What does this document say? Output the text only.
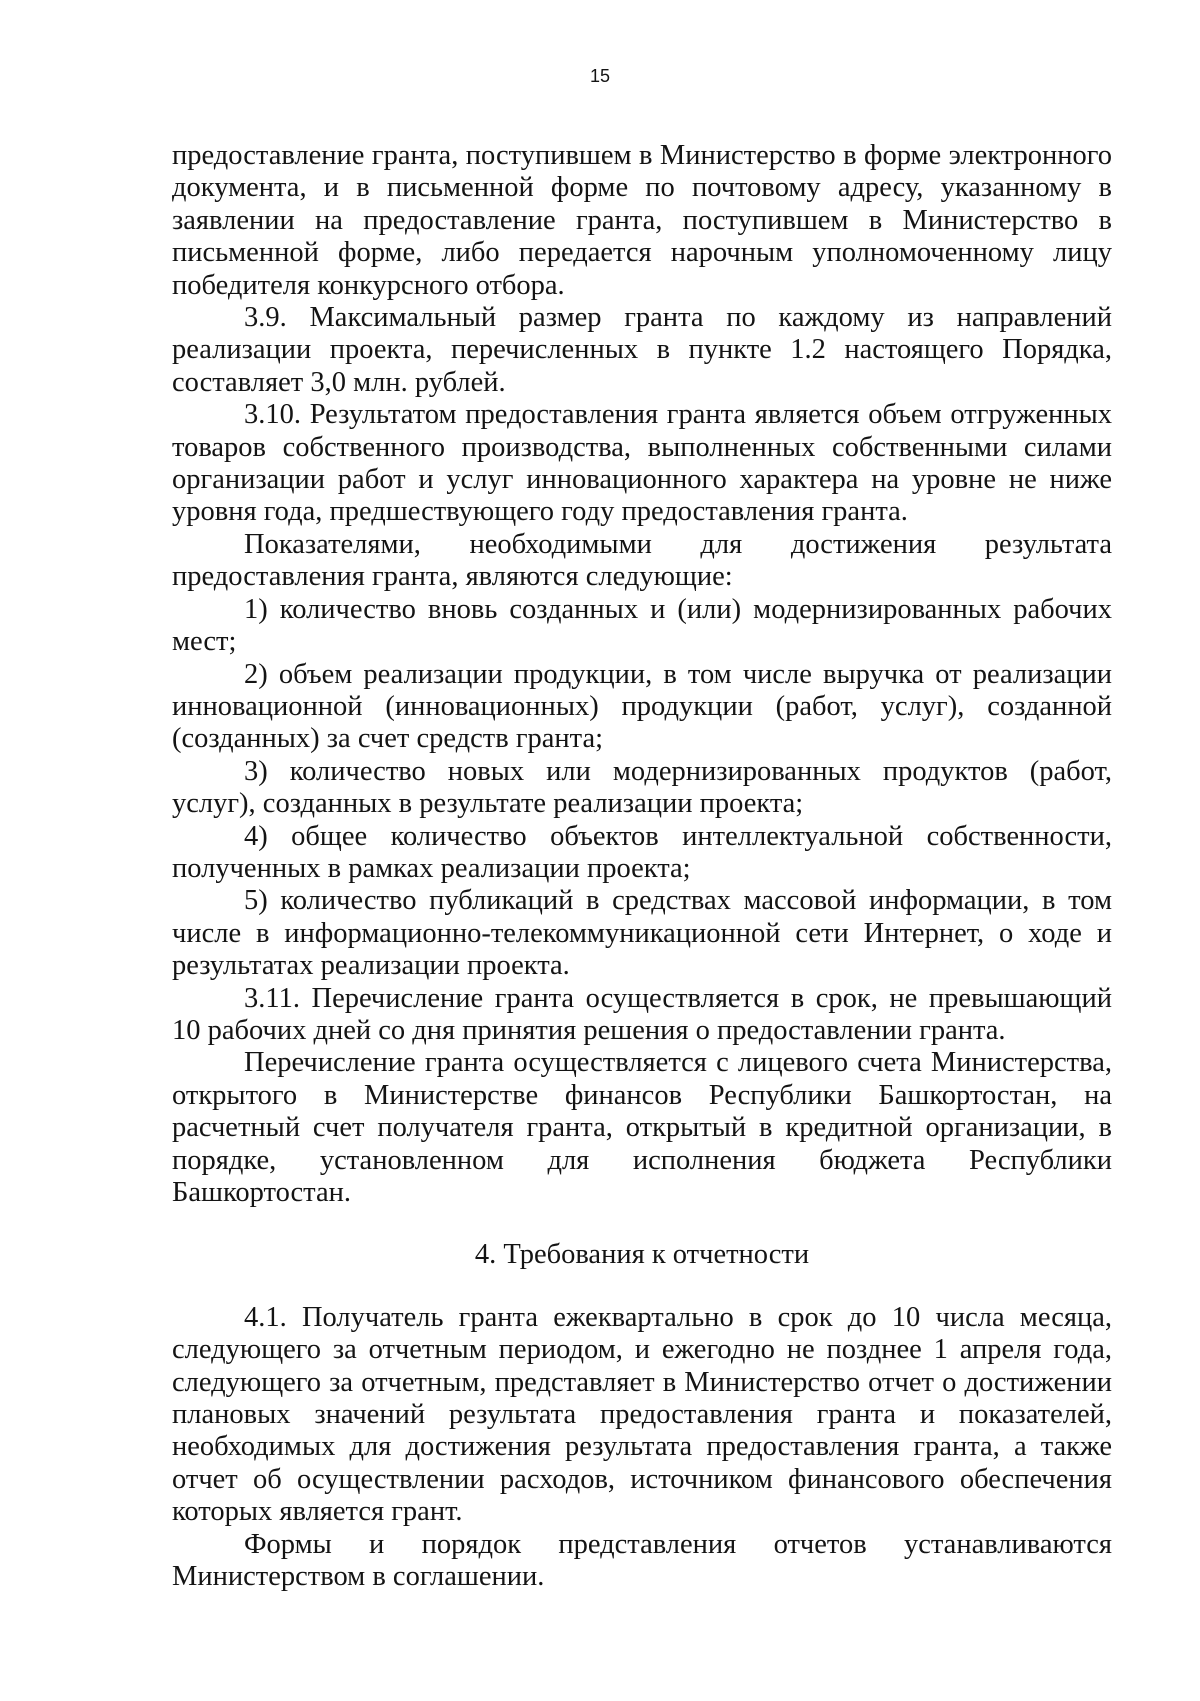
15

предоставление гранта, поступившем в Министерство в форме электронного документа, и в письменной форме по почтовому адресу, указанному в заявлении на предоставление гранта, поступившем в Министерство в письменной форме, либо передается нарочным уполномоченному лицу победителя конкурсного отбора.

3.9. Максимальный размер гранта по каждому из направлений реализации проекта, перечисленных в пункте 1.2 настоящего Порядка, составляет 3,0 млн. рублей.

3.10. Результатом предоставления гранта является объем отгруженных товаров собственного производства, выполненных собственными силами организации работ и услуг инновационного характера на уровне не ниже уровня года, предшествующего году предоставления гранта.

Показателями, необходимыми для достижения результата предоставления гранта, являются следующие:

1) количество вновь созданных и (или) модернизированных рабочих мест;

2) объем реализации продукции, в том числе выручка от реализации инновационной (инновационных) продукции (работ, услуг), созданной (созданных) за счет средств гранта;

3) количество новых или модернизированных продуктов (работ, услуг), созданных в результате реализации проекта;

4) общее количество объектов интеллектуальной собственности, полученных в рамках реализации проекта;

5) количество публикаций в средствах массовой информации, в том числе в информационно-телекоммуникационной сети Интернет, о ходе и результатах реализации проекта.

3.11. Перечисление гранта осуществляется в срок, не превышающий 10 рабочих дней со дня принятия решения о предоставлении гранта.

Перечисление гранта осуществляется с лицевого счета Министерства, открытого в Министерстве финансов Республики Башкортостан, на расчетный счет получателя гранта, открытый в кредитной организации, в порядке, установленном для исполнения бюджета Республики Башкортостан.

4. Требования к отчетности

4.1. Получатель гранта ежеквартально в срок до 10 числа месяца, следующего за отчетным периодом, и ежегодно не позднее 1 апреля года, следующего за отчетным, представляет в Министерство отчет о достижении плановых значений результата предоставления гранта и показателей, необходимых для достижения результата предоставления гранта, а также отчет об осуществлении расходов, источником финансового обеспечения которых является грант.

Формы и порядок представления отчетов устанавливаются Министерством в соглашении.
